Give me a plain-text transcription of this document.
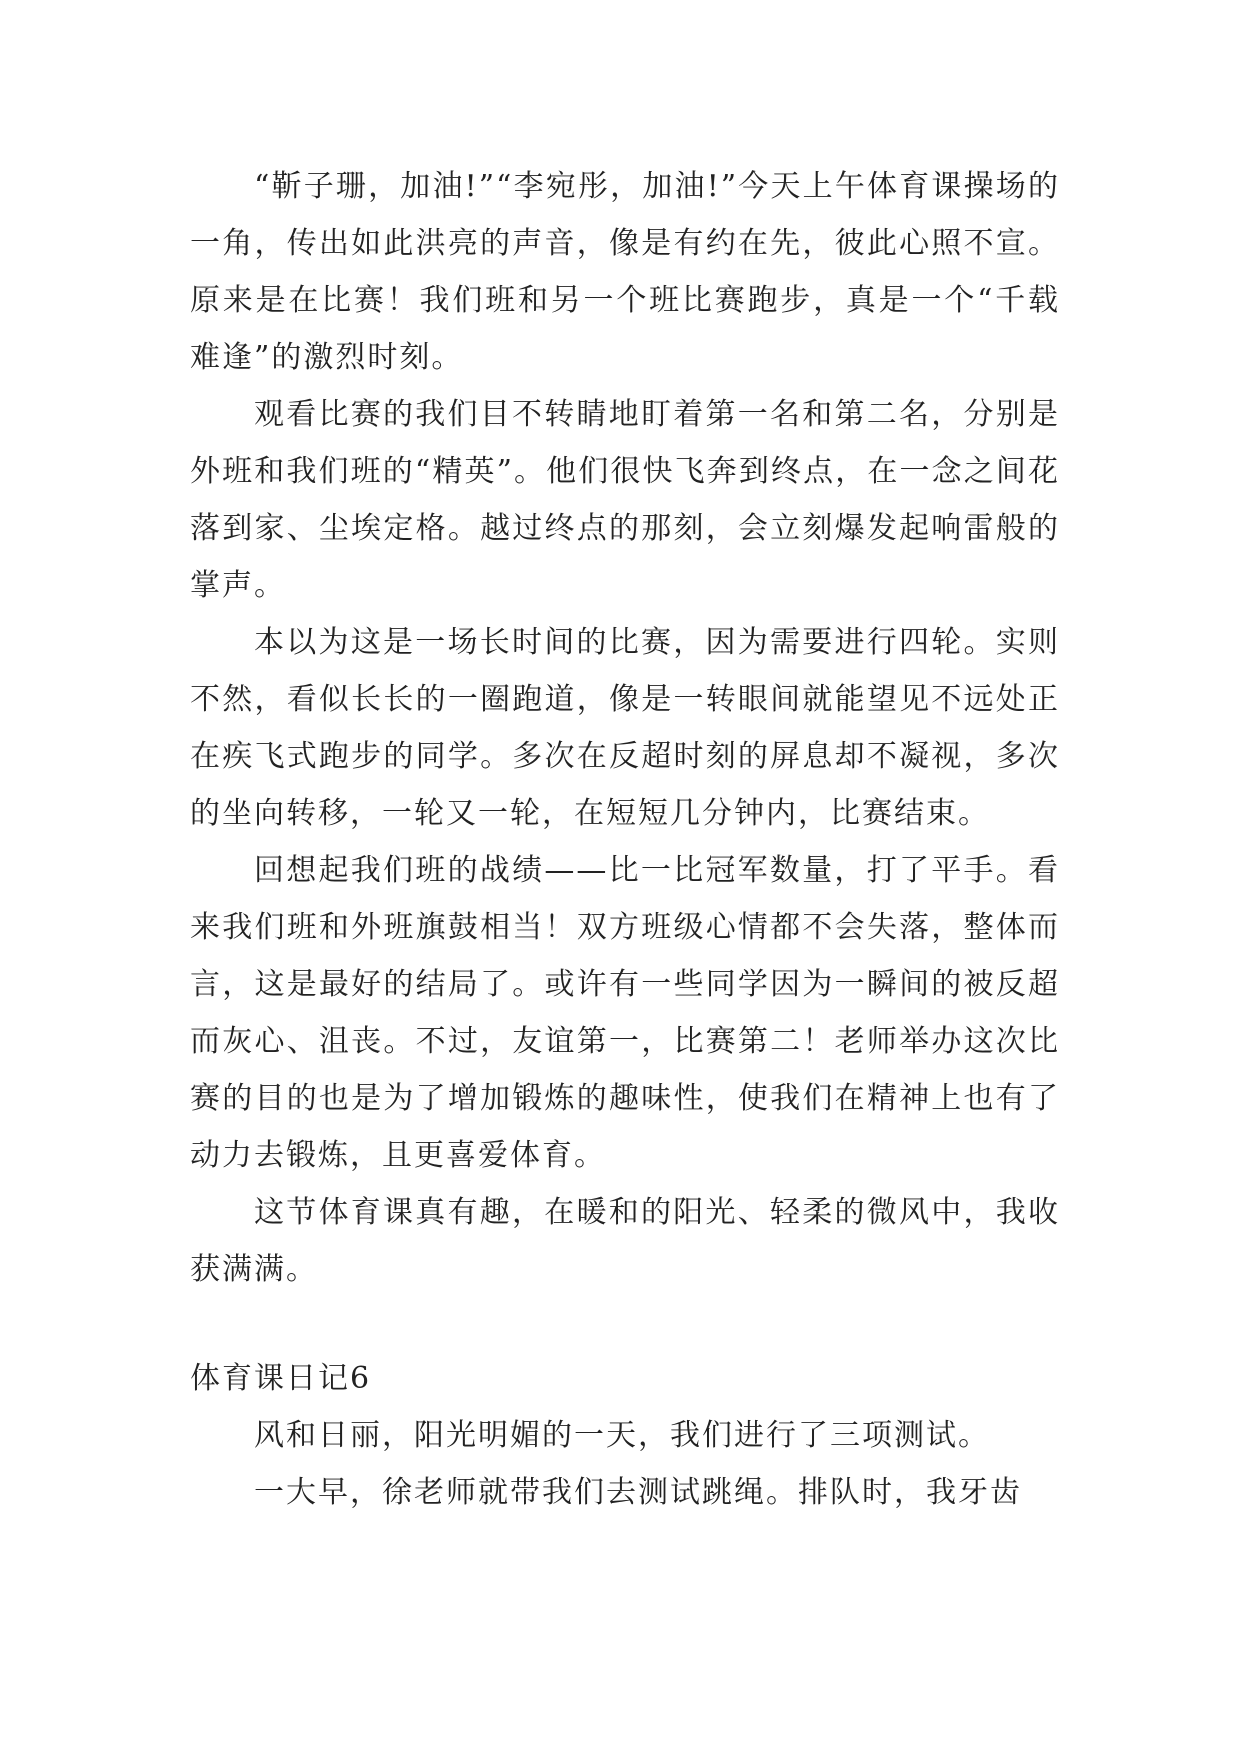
“靳子珊，加油!”“李宛彤，加油!”今天上午体育课操场的一角，传出如此洪亮的声音，像是有约在先，彼此心照不宣。原来是在比赛！我们班和另一个班比赛跑步，真是一个“千载难逢”的激烈时刻。

观看比赛的我们目不转睛地盯着第一名和第二名，分别是外班和我们班的“精英”。他们很快飞奔到终点，在一念之间花落到家、尘埃定格。越过终点的那刻，会立刻爆发起响雷般的掌声。

本以为这是一场长时间的比赛，因为需要进行四轮。实则不然，看似长长的一圈跑道，像是一转眼间就能望见不远处正在疾飞式跑步的同学。多次在反超时刻的屏息却不凝视，多次的坐向转移，一轮又一轮，在短短几分钟内，比赛结束。

回想起我们班的战绩——比一比冠军数量，打了平手。看来我们班和外班旗鼓相当！双方班级心情都不会失落，整体而言，这是最好的结局了。或许有一些同学因为一瞬间的被反超而灰心、沮丧。不过，友谊第一，比赛第二！老师举办这次比赛的目的也是为了增加锻炼的趣味性，使我们在精神上也有了动力去锻炼，且更喜爱体育。

这节体育课真有趣，在暖和的阳光、轻柔的微风中，我收获满满。

体育课日记6

风和日丽，阳光明媚的一天，我们进行了三项测试。

一大早，徐老师就带我们去测试跳绳。排队时，我牙齿
